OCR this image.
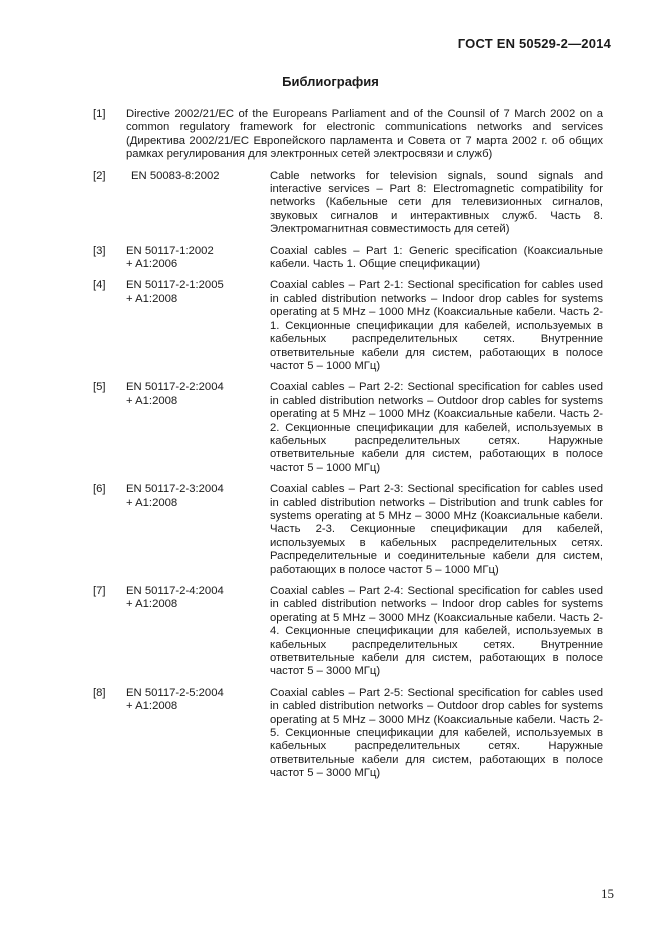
ГОСТ EN 50529-2—2014
Библиография
[1] Directive 2002/21/EC of the Europeans Parliament and of the Counsil of 7 March 2002 on a common regulatory framework for electronic communications networks and services (Директива 2002/21/EC Европейского парламента и Совета от 7 марта 2002 г. об общих рамках регулирования для электронных сетей электросвязи и служб)
[2]	EN 50083-8:2002	Cable networks for television signals, sound signals and interactive services – Part 8: Electromagnetic compatibility for networks (Кабельные сети для телевизионных сигналов, звуковых сигналов и интерактивных служб. Часть 8. Электромагнитная совместимость для сетей)
[3] EN 50117-1:2002
+ A1:2006
Coaxial cables – Part 1: Generic specification (Коаксиальные кабели. Часть 1. Общие спецификации)
[4] EN 50117-2-1:2005
+ A1:2008
Coaxial cables – Part 2-1: Sectional specification for cables used in cabled distribution networks – Indoor drop cables for systems operating at 5 MHz – 1000 MHz (Коаксиальные кабели. Часть 2-1. Секционные спецификации для кабелей, используемых в кабельных распределительных сетях. Внутренние ответвительные кабели для систем, работающих в полосе частот 5 – 1000 МГц)
[5] EN 50117-2-2:2004
+ A1:2008
Coaxial cables – Part 2-2: Sectional specification for cables used in cabled distribution networks – Outdoor drop cables for systems operating at 5 MHz – 1000 MHz (Коаксиальные кабели. Часть 2-2. Секционные спецификации для кабелей, используемых в кабельных распределительных сетях. Наружные ответвительные кабели для систем, работающих в полосе частот 5 – 1000 МГц)
[6] EN 50117-2-3:2004
+ A1:2008
Coaxial cables – Part 2-3: Sectional specification for cables used in cabled distribution networks – Distribution and trunk cables for systems operating at 5 MHz – 3000 MHz (Коаксиальные кабели. Часть 2-3. Секционные спецификации для кабелей, используемых в кабельных распределительных сетях. Распределительные и соединительные кабели для систем, работающих в полосе частот 5 – 1000 МГц)
[7] EN 50117-2-4:2004
+ A1:2008
Coaxial cables – Part 2-4: Sectional specification for cables used in cabled distribution networks – Indoor drop cables for systems operating at 5 MHz – 3000 MHz (Коаксиальные кабели. Часть 2-4. Секционные спецификации для кабелей, используемых в кабельных распределительных сетях. Внутренние ответвительные кабели для систем, работающих в полосе частот 5 – 3000 МГц)
[8] EN 50117-2-5:2004
+ A1:2008
Coaxial cables – Part 2-5: Sectional specification for cables used in cabled distribution networks – Outdoor drop cables for systems operating at 5 MHz – 3000 MHz (Коаксиальные кабели. Часть 2-5. Секционные спецификации для кабелей, используемых в кабельных распределительных сетях. Наружные ответвительные кабели для систем, работающих в полосе частот 5 – 3000 МГц)
15
